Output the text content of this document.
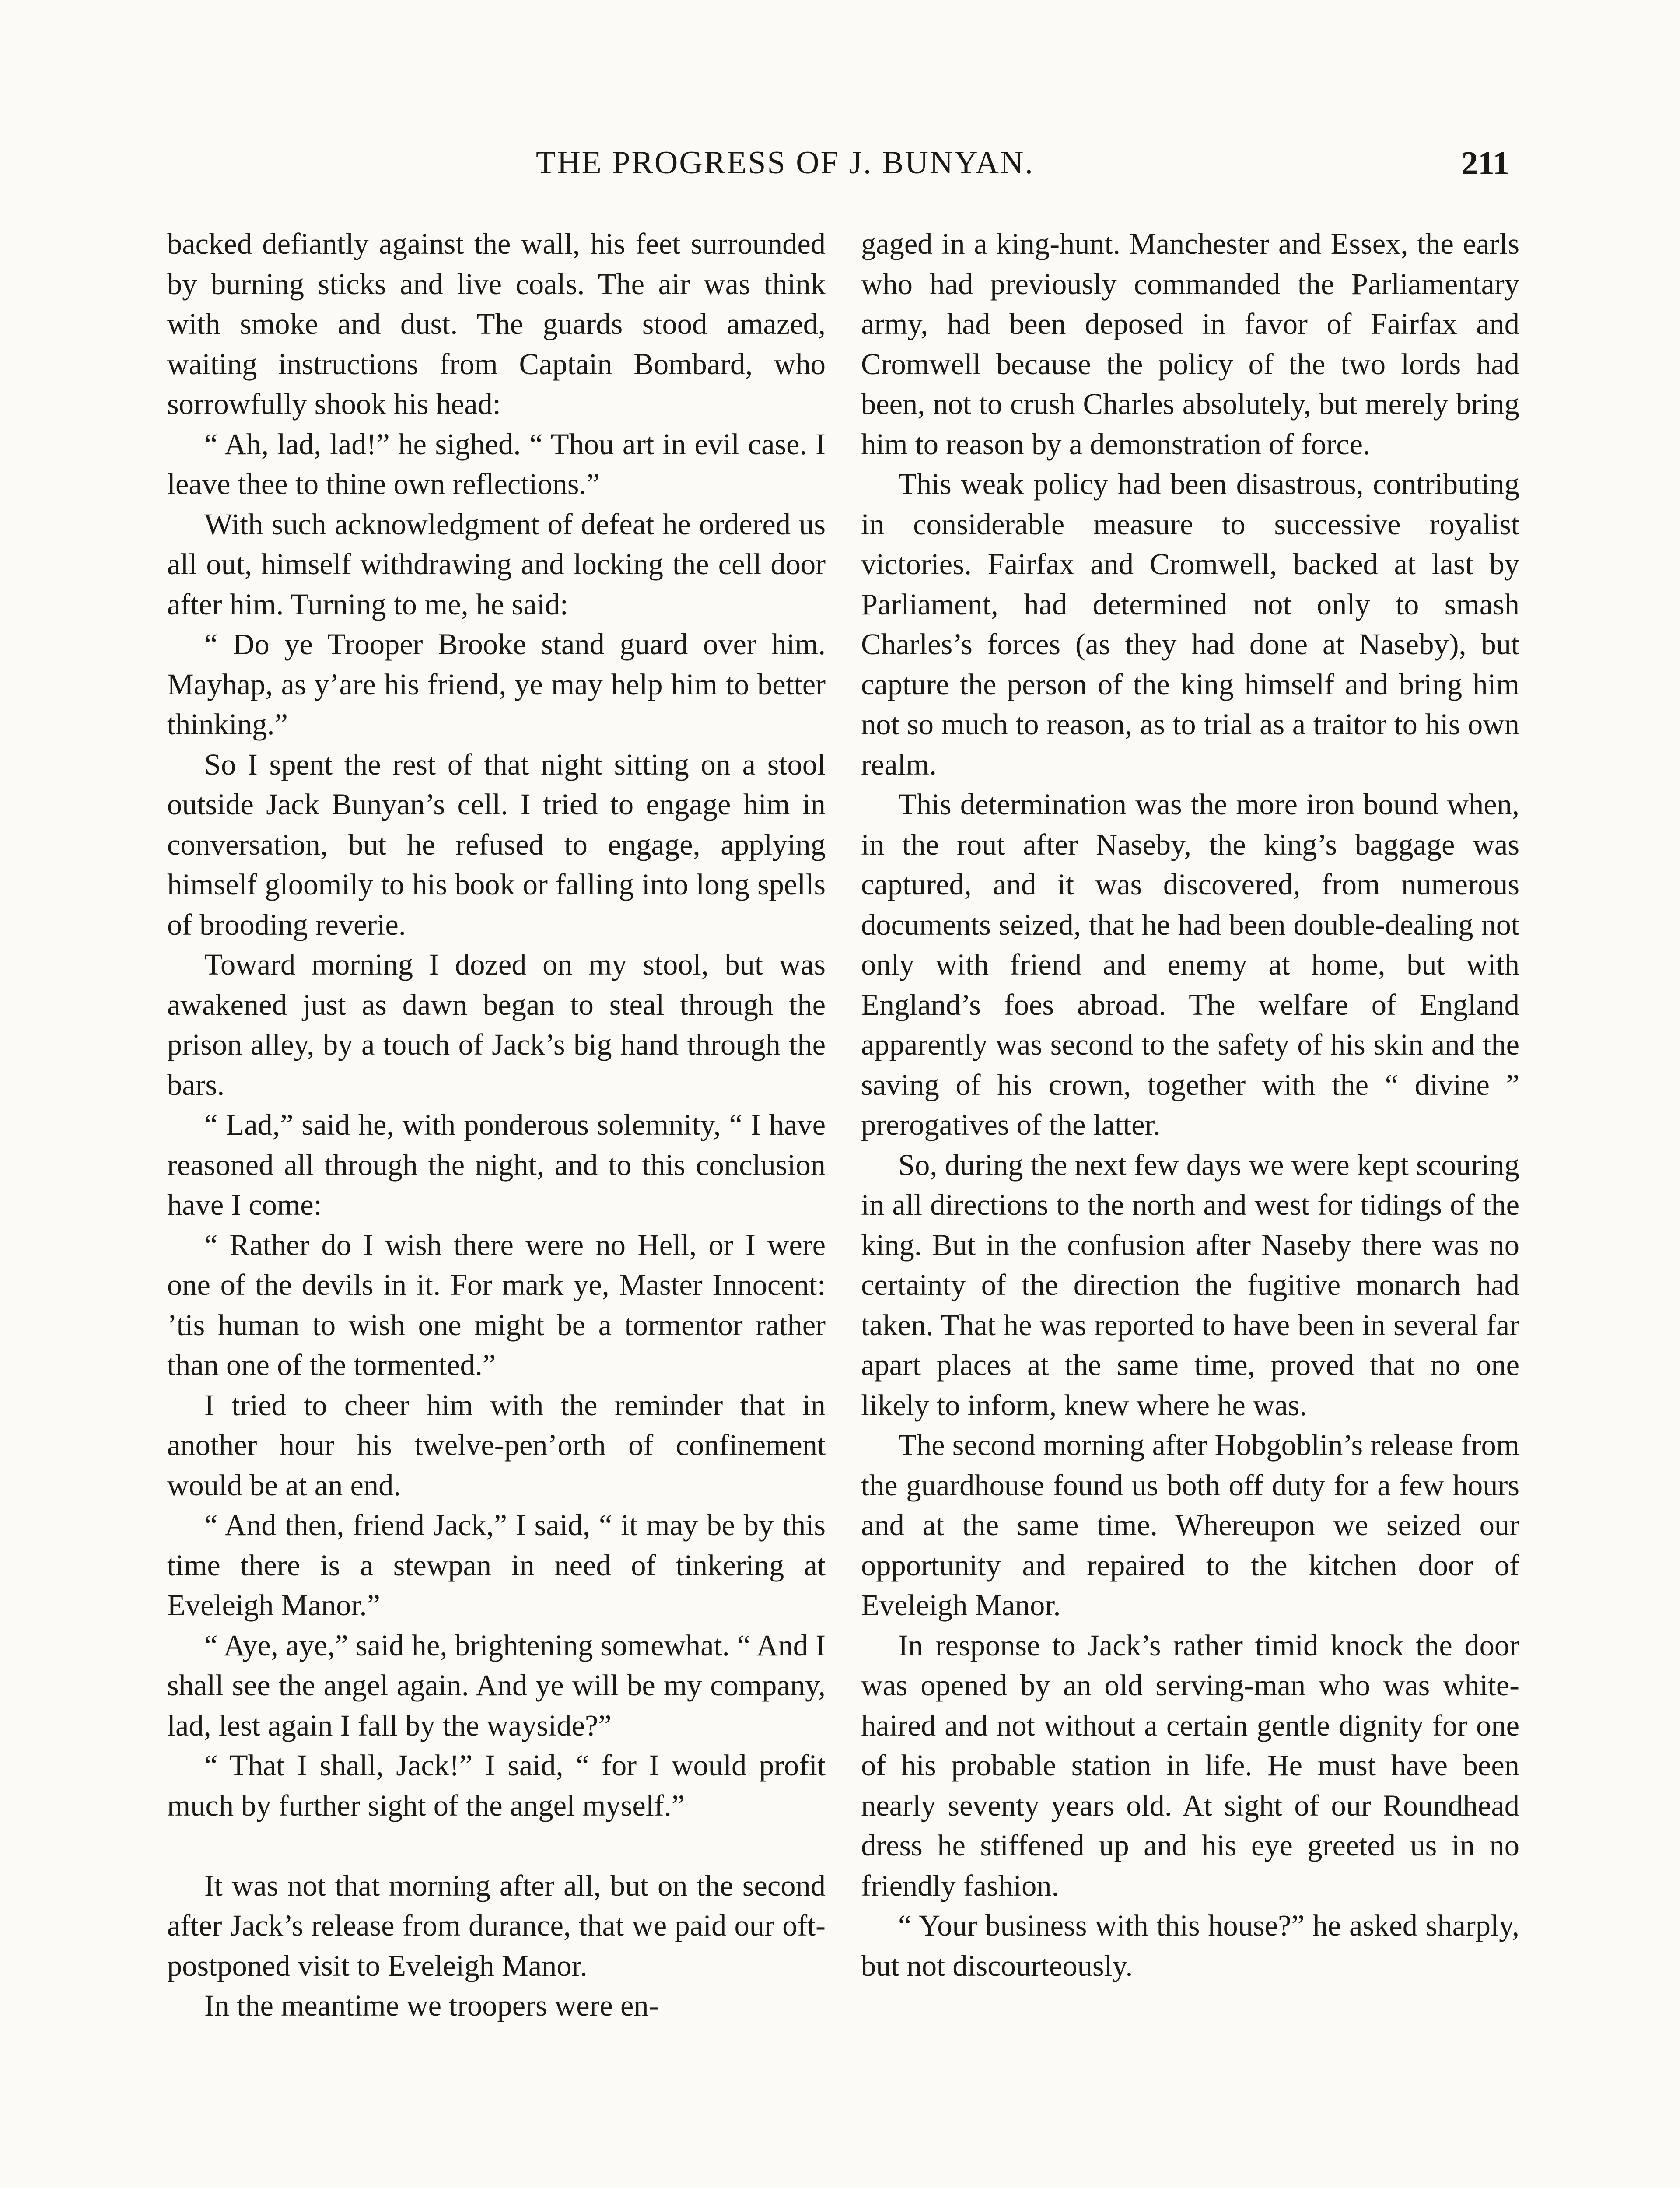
THE PROGRESS OF J. BUNYAN.	211

backed defiantly against the wall, his feet surrounded by burning sticks and live coals. The air was think with smoke and dust. The guards stood amazed, waiting instructions from Captain Bombard, who sorrowfully shook his head:

“ Ah, lad, lad!” he sighed. “ Thou art in evil case. I leave thee to thine own reflections.”

With such acknowledgment of defeat he ordered us all out, himself withdrawing and locking the cell door after him. Turning to me, he said:

“ Do ye Trooper Brooke stand guard over him. Mayhap, as y’are his friend, ye may help him to better thinking.”

So I spent the rest of that night sitting on a stool outside Jack Bunyan’s cell. I tried to engage him in conversation, but he refused to engage, applying himself gloomily to his book or falling into long spells of brooding reverie.

Toward morning I dozed on my stool, but was awakened just as dawn began to steal through the prison alley, by a touch of Jack’s big hand through the bars.

“ Lad,” said he, with ponderous solemnity, “ I have reasoned all through the night, and to this conclusion have I come:

“ Rather do I wish there were no Hell, or I were one of the devils in it. For mark ye, Master Innocent: ’tis human to wish one might be a tormentor rather than one of the tormented.”

I tried to cheer him with the reminder that in another hour his twelve-pen’orth of confinement would be at an end.

“ And then, friend Jack,” I said, “ it may be by this time there is a stewpan in need of tinkering at Eveleigh Manor.”

“ Aye, aye,” said he, brightening somewhat. “ And I shall see the angel again. And ye will be my company, lad, lest again I fall by the wayside?”

“ That I shall, Jack!” I said, “ for I would profit much by further sight of the angel myself.”

It was not that morning after all, but on the second after Jack’s release from durance, that we paid our oft-postponed visit to Eveleigh Manor.

In the meantime we troopers were en-

gaged in a king-hunt. Manchester and Essex, the earls who had previously commanded the Parliamentary army, had been deposed in favor of Fairfax and Cromwell because the policy of the two lords had been, not to crush Charles absolutely, but merely bring him to reason by a demonstration of force.

This weak policy had been disastrous, contributing in considerable measure to successive royalist victories. Fairfax and Cromwell, backed at last by Parliament, had determined not only to smash Charles’s forces (as they had done at Naseby), but capture the person of the king himself and bring him not so much to reason, as to trial as a traitor to his own realm.

This determination was the more iron bound when, in the rout after Naseby, the king’s baggage was captured, and it was discovered, from numerous documents seized, that he had been double-dealing not only with friend and enemy at home, but with England’s foes abroad. The welfare of England apparently was second to the safety of his skin and the saving of his crown, together with the “ divine ” prerogatives of the latter.

So, during the next few days we were kept scouring in all directions to the north and west for tidings of the king. But in the confusion after Naseby there was no certainty of the direction the fugitive monarch had taken. That he was reported to have been in several far apart places at the same time, proved that no one likely to inform, knew where he was.

The second morning after Hobgoblin’s release from the guardhouse found us both off duty for a few hours and at the same time. Whereupon we seized our opportunity and repaired to the kitchen door of Eveleigh Manor.

In response to Jack’s rather timid knock the door was opened by an old serving-man who was white-haired and not without a certain gentle dignity for one of his probable station in life. He must have been nearly seventy years old. At sight of our Roundhead dress he stiffened up and his eye greeted us in no friendly fashion.

“ Your business with this house?” he asked sharply, but not discourteously.
